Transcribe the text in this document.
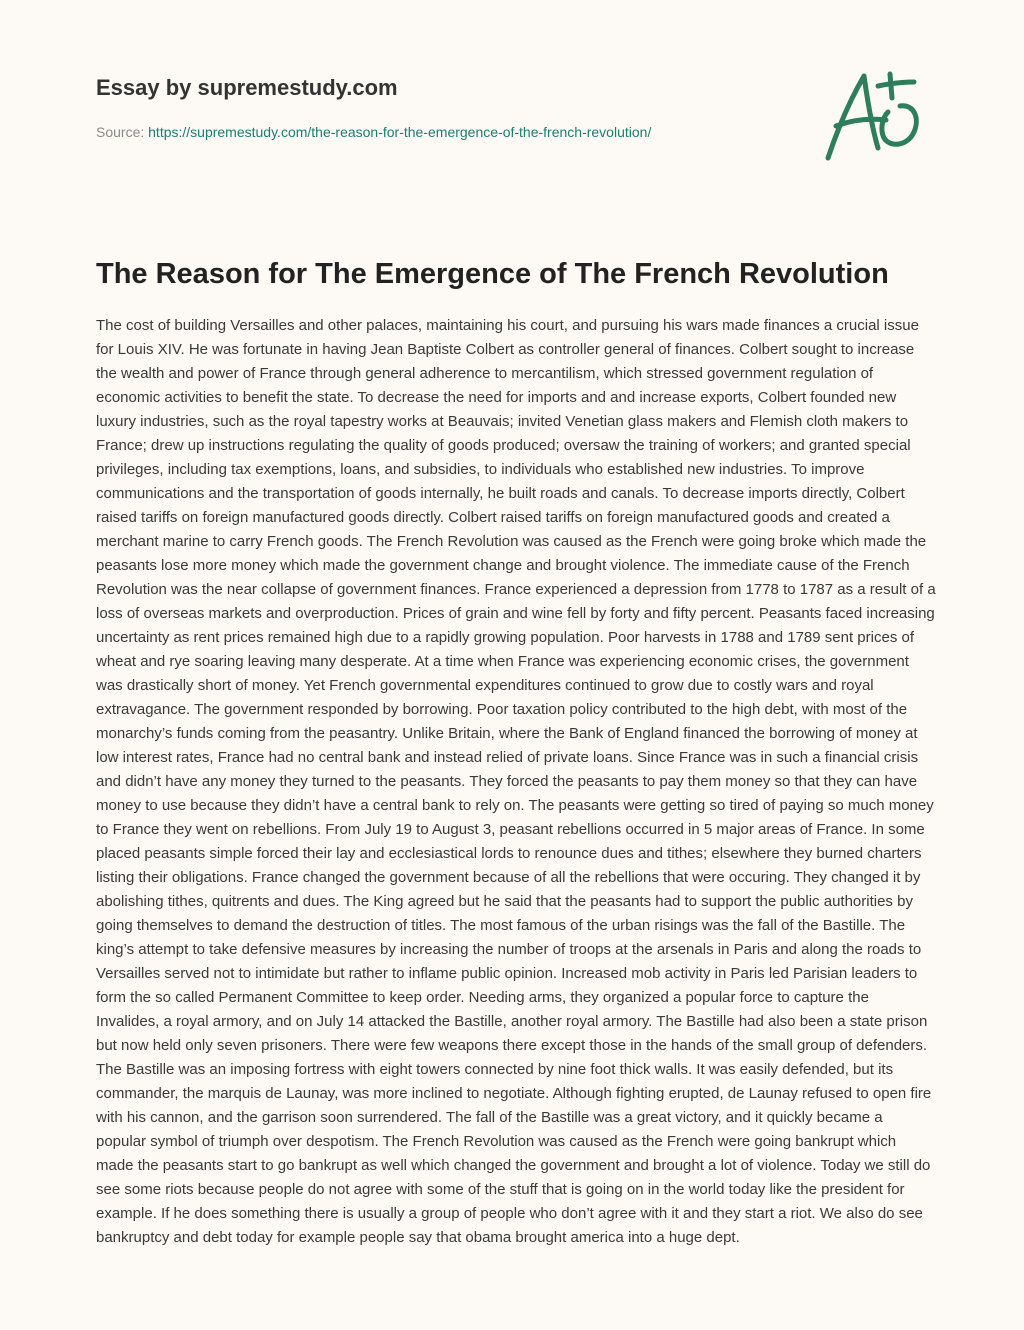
Essay by supremestudy.com
Source: https://supremestudy.com/the-reason-for-the-emergence-of-the-french-revolution/
The Reason for The Emergence of The French Revolution

The cost of building Versailles and other palaces, maintaining his court, and pursuing his wars made finances a crucial issue for Louis XIV. He was fortunate in having Jean Baptiste Colbert as controller general of finances. Colbert sought to increase the wealth and power of France through general adherence to mercantilism, which stressed government regulation of economic activities to benefit the state. To decrease the need for imports and and increase exports, Colbert founded new luxury industries, such as the royal tapestry works at Beauvais; invited Venetian glass makers and Flemish cloth makers to France; drew up instructions regulating the quality of goods produced; oversaw the training of workers; and granted special privileges, including tax exemptions, loans, and subsidies, to individuals who established new industries. To improve communications and the transportation of goods internally, he built roads and canals. To decrease imports directly, Colbert raised tariffs on foreign manufactured goods directly. Colbert raised tariffs on foreign manufactured goods and created a merchant marine to carry French goods. The French Revolution was caused as the French were going broke which made the peasants lose more money which made the government change and brought violence. The immediate cause of the French Revolution was the near collapse of government finances. France experienced a depression from 1778 to 1787 as a result of a loss of overseas markets and overproduction. Prices of grain and wine fell by forty and fifty percent. Peasants faced increasing uncertainty as rent prices remained high due to a rapidly growing population. Poor harvests in 1788 and 1789 sent prices of wheat and rye soaring leaving many desperate. At a time when France was experiencing economic crises, the government was drastically short of money. Yet French governmental expenditures continued to grow due to costly wars and royal extravagance. The government responded by borrowing. Poor taxation policy contributed to the high debt, with most of the monarchy’s funds coming from the peasantry. Unlike Britain, where the Bank of England financed the borrowing of money at low interest rates, France had no central bank and instead relied of private loans. Since France was in such a financial crisis and didn’t have any money they turned to the peasants. They forced the peasants to pay them money so that they can have money to use because they didn’t have a central bank to rely on. The peasants were getting so tired of paying so much money to France they went on rebellions. From July 19 to August 3, peasant rebellions occurred in 5 major areas of France. In some placed peasants simple forced their lay and ecclesiastical lords to renounce dues and tithes; elsewhere they burned charters listing their obligations. France changed the government because of all the rebellions that were occuring. They changed it by abolishing tithes, quitrents and dues. The King agreed but he said that the peasants had to support the public authorities by going themselves to demand the destruction of titles. The most famous of the urban risings was the fall of the Bastille. The king’s attempt to take defensive measures by increasing the number of troops at the arsenals in Paris and along the roads to Versailles served not to intimidate but rather to inflame public opinion. Increased mob activity in Paris led Parisian leaders to form the so called Permanent Committee to keep order. Needing arms, they organized a popular force to capture the Invalides, a royal armory, and on July 14 attacked the Bastille, another royal armory. The Bastille had also been a state prison but now held only seven prisoners. There were few weapons there except those in the hands of the small group of defenders. The Bastille was an imposing fortress with eight towers connected by nine foot thick walls. It was easily defended, but its commander, the marquis de Launay, was more inclined to negotiate. Although fighting erupted, de Launay refused to open fire with his cannon, and the garrison soon surrendered. The fall of the Bastille was a great victory, and it quickly became a popular symbol of triumph over despotism. The French Revolution was caused as the French were going bankrupt which made the peasants start to go bankrupt as well which changed the government and brought a lot of violence. Today we still do see some riots because people do not agree with some of the stuff that is going on in the world today like the president for example. If he does something there is usually a group of people who don’t agree with it and they start a riot. We also do see bankruptcy and debt today for example people say that obama brought america into a huge dept.
